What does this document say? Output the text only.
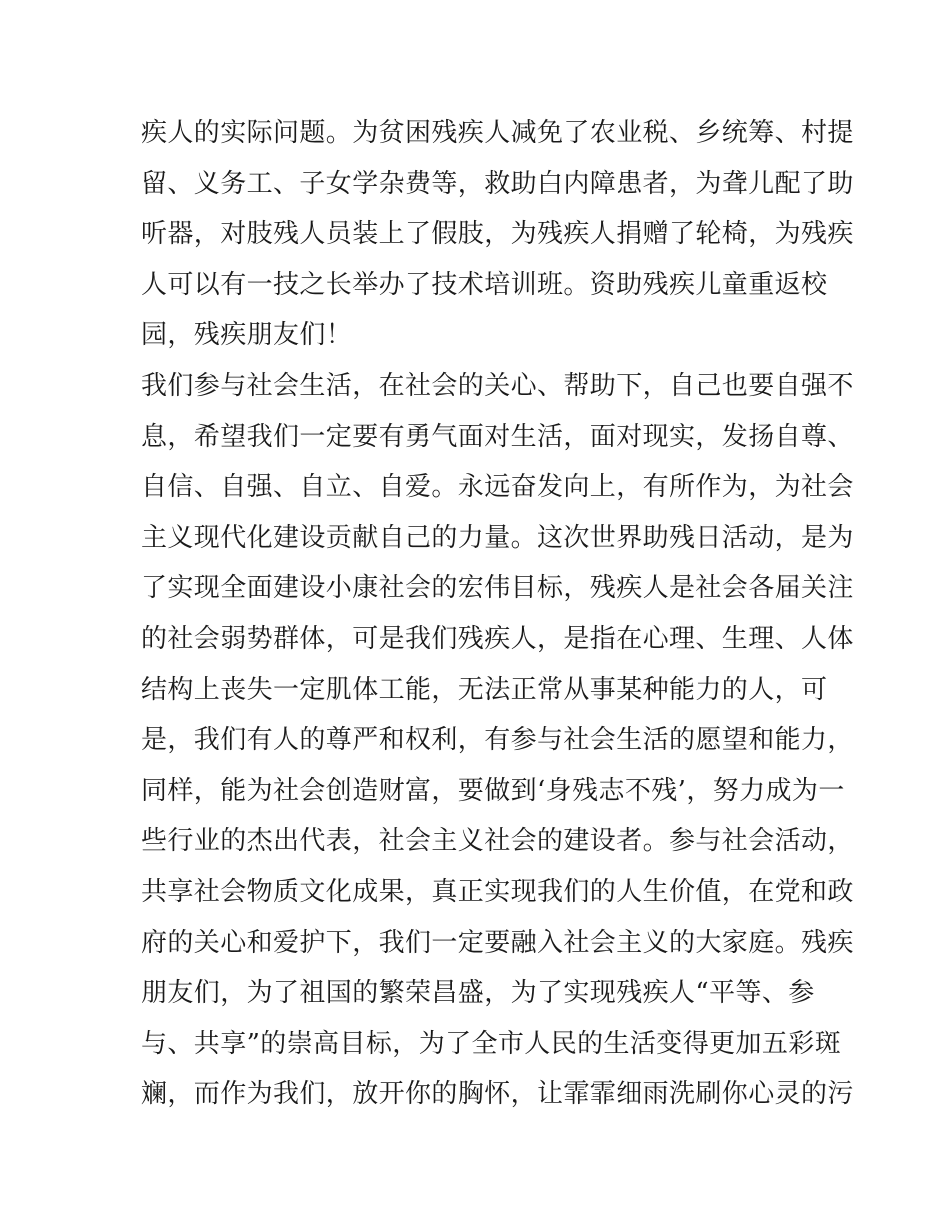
疾人的实际问题。为贫困残疾人减免了农业税、乡统筹、村提
留、义务工、子女学杂费等，救助白内障患者，为聋儿配了助
听器，对肢残人员装上了假肢，为残疾人捐赠了轮椅，为残疾
人可以有一技之长举办了技术培训班。资助残疾儿童重返校
园，残疾朋友们！
我们参与社会生活，在社会的关心、帮助下，自己也要自强不
息，希望我们一定要有勇气面对生活，面对现实，发扬自尊、
自信、自强、自立、自爱。永远奋发向上，有所作为，为社会
主义现代化建设贡献自己的力量。这次世界助残日活动，是为
了实现全面建设小康社会的宏伟目标，残疾人是社会各届关注
的社会弱势群体，可是我们残疾人，是指在心理、生理、人体
结构上丧失一定肌体工能，无法正常从事某种能力的人，可
是，我们有人的尊严和权利，有参与社会生活的愿望和能力，
同样，能为社会创造财富，要做到‘身残志不残’，努力成为一
些行业的杰出代表，社会主义社会的建设者。参与社会活动，
共享社会物质文化成果，真正实现我们的人生价值，在党和政
府的关心和爱护下，我们一定要融入社会主义的大家庭。残疾
朋友们，为了祖国的繁荣昌盛，为了实现残疾人“平等、参
与、共享”的崇高目标，为了全市人民的生活变得更加五彩斑
斓，而作为我们，放开你的胸怀，让霏霏细雨洗刷你心灵的污
